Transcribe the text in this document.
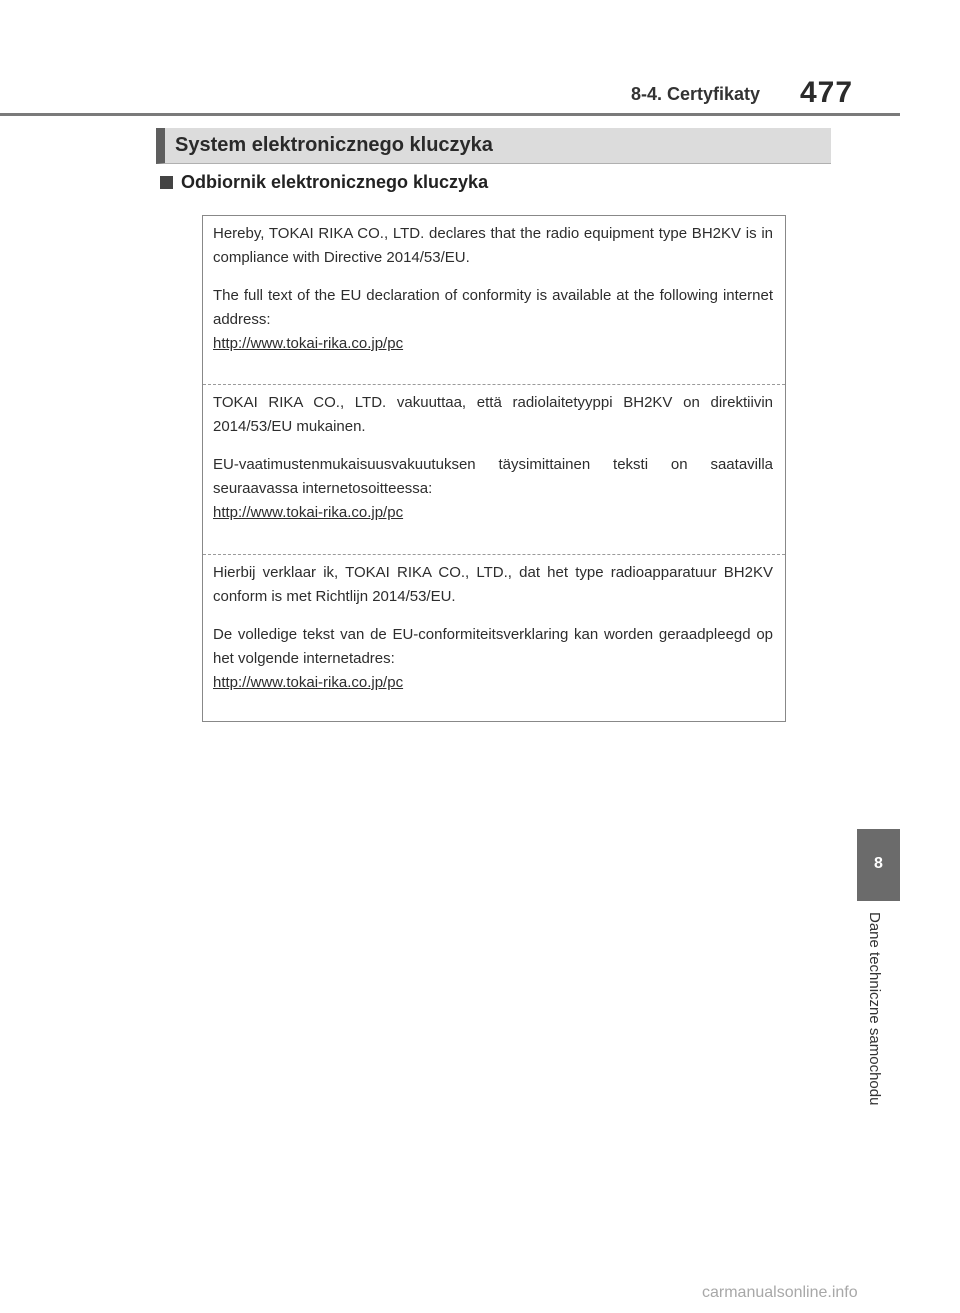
8-4. Certyfikaty 477
System elektronicznego kluczyka
Odbiornik elektronicznego kluczyka
Hereby, TOKAI RIKA CO., LTD. declares that the radio equipment type BH2KV is in compliance with Directive 2014/53/EU.
The full text of the EU declaration of conformity is available at the following internet address:
http://www.tokai-rika.co.jp/pc
TOKAI RIKA CO., LTD. vakuuttaa, että radiolaitetyyppi BH2KV on direktiivin 2014/53/EU mukainen.
EU-vaatimustenmukaisuusvakuutuksen täysimittainen teksti on saatavilla seuraavassa internetosoitteessa:
http://www.tokai-rika.co.jp/pc
Hierbij verklaar ik, TOKAI RIKA CO., LTD., dat het type radioapparatuur BH2KV conform is met Richtlijn 2014/53/EU.
De volledige tekst van de EU-conformiteitsverklaring kan worden geraadpleegd op het volgende internetadres:
http://www.tokai-rika.co.jp/pc
8
Dane techniczne samochodu
carmanualsonline.info
